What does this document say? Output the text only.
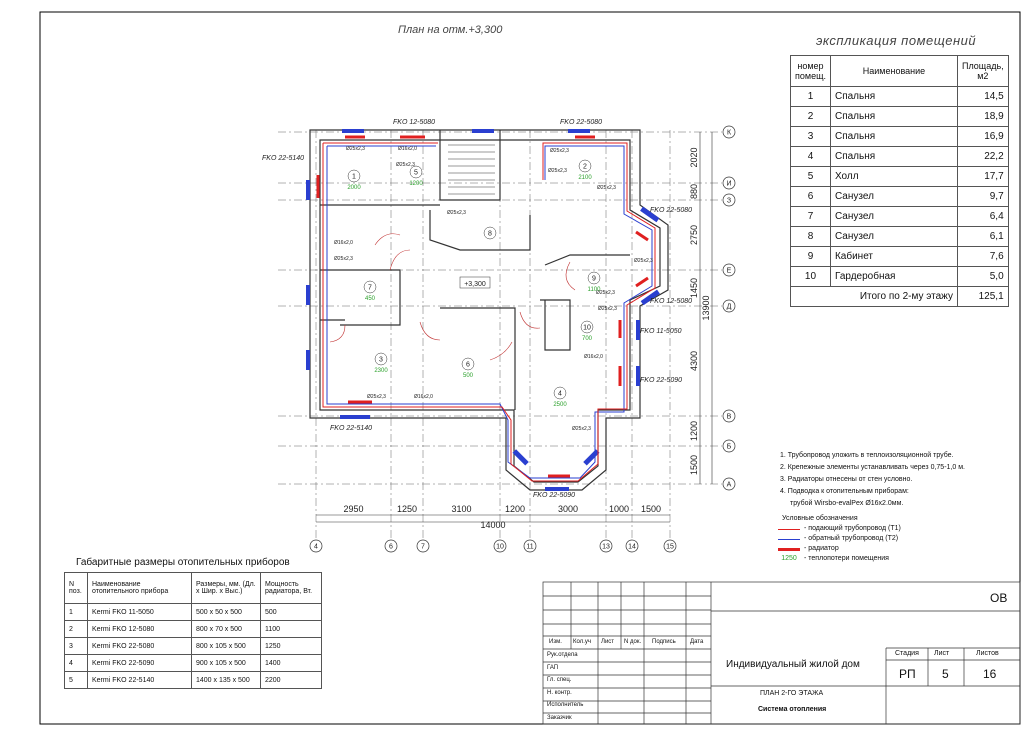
4	6	7	10	11	13	14	15
К
И
З
Е
Д
В
Б
А
2950	1250	3100	1200	3000	1000 1500
14000
2020
880
2750
1450
4300
1200
1500
13900
FKO 12-5080	FKO 22-5080
FKO 22-5140
FKO 22-5080
FKO 12-5080
FKO 11-5050
FKO 22-5090
FKO 22-5140
FKO 22-5090
Ø25x2,3	Ø16x2,0
Ø25x2,3
Ø25x2,3
Ø16x2,0
Ø25x2,3
Ø25x2,3	Ø16x2,0
Ø25x2,3
Ø25x2,3
Ø25x2,3
Ø25x2,3
Ø25x2,3
Ø25x2,3
Ø25x2,3
Ø16x2,0
1
2000
2
2100
3
2300
4
2500
5
1200
6
500
7
450
8
9
1100
10
700
+3,300
План на отм.+3,300
экспликация помещений
номер помещ.	Наименование	Площадь, м2
1	Спальня	14,5
2	Спальня	18,9
3	Спальня	16,9
4	Спальня	22,2
5	Холл	17,7
6	Санузел	9,7
7	Санузел	6,4
8	Санузел	6,1
9	Кабинет	7,6
10	Гардеробная	5,0
Итого по 2-му этажу		125,1
1. Трубопровод уложить в теплоизоляционной трубе.
2. Крепежные элементы устанавливать через 0,75-1,0 м.
3. Радиаторы отнесены от стен условно.
4. Подводка к отопительным приборам:
трубой Wirsbo-evalPex Ø16x2.0мм.
Условные обозначения
- подающий трубопровод (Т1)
- обратный трубопровод (Т2)
- радиатор
1250	- теплопотери помещения
Габаритные размеры отопительных приборов
N поз.	Наименование отопительного прибора	Размеры, мм. (Дл. x Шир. x Выс.)	Мощность радиатора, Вт.
1	Kermi FKO 11-5050	500 x 50 x 500	500
2	Kermi FKO 12-5080	800 x 70 x 500	1100
3	Kermi FKO 22-5080	800 x 105 x 500	1250
4	Kermi FKO 22-5090	900 x 105 x 500	1400
5	Kermi FKO 22-5140	1400 x 135 x 500	2200
ОВ
Изм. Кол.уч Лист N док. Подпись Дата
Рук.отдела
ГАП
Гл. спец.
Н. контр.
Исполнитель
Заказчик
Индивидуальный жилой дом
ПЛАН 2-ГО ЭТАЖА
Система отопления
Стадия Лист	Листов
РП 5	16
